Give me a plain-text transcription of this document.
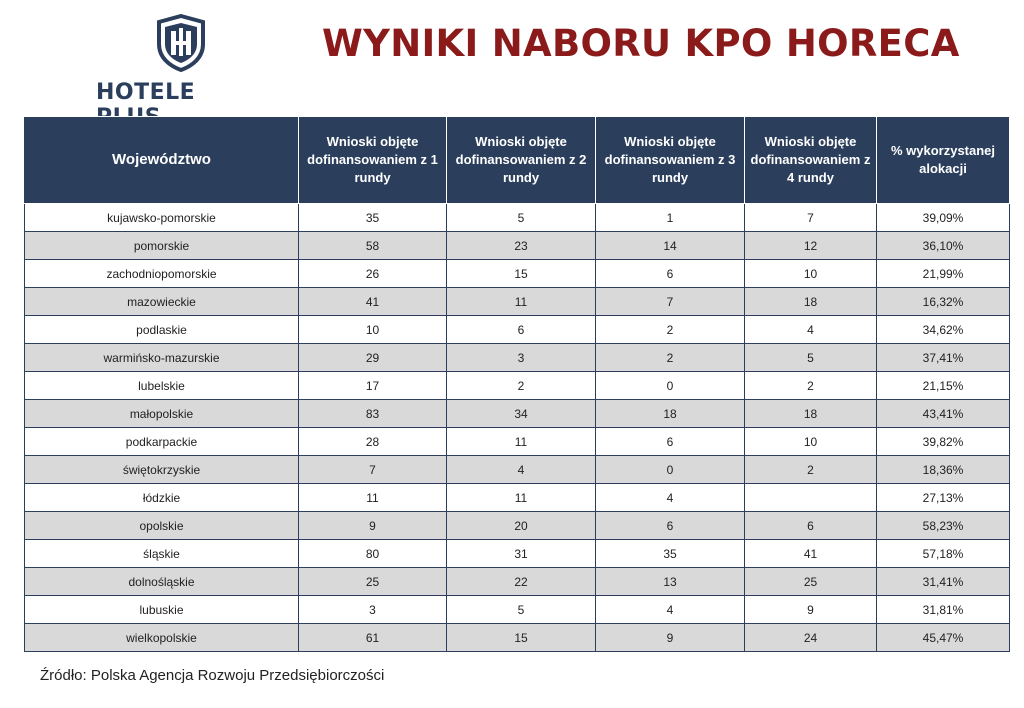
HOTELE
WYNIKI NABORU KPO HORECA
Województwo	Wnioski objęte dofinansowaniem z 1 rundy	Wnioski objęte dofinansowaniem z 2 rundy	Wnioski objęte dofinansowaniem z 3 rundy	Wnioski objęte dofinansowaniem z 4 rundy	% wykorzystanej alokacji
kujawsko-pomorskie	35	5	1	7	39,09%
pomorskie	58	23	14	12	36,10%
zachodniopomorskie	26	15	6	10	21,99%
mazowieckie	41	11	7	18	16,32%
podlaskie	10	6	2	4	34,62%
warmińsko-mazurskie	29	3	2	5	37,41%
lubelskie	17	2	0	2	21,15%
małopolskie	83	34	18	18	43,41%
podkarpackie	28	11	6	10	39,82%
świętokrzyskie	7	4	0	2	18,36%
łódzkie	11	11	4		27,13%
opolskie	9	20	6	6	58,23%
śląskie	80	31	35	41	57,18%
dolnośląskie	25	22	13	25	31,41%
lubuskie	3	5	4	9	31,81%
wielkopolskie	61	15	9	24	45,47%
Źródło: Polska Agencja Rozwoju Przedsiębiorczości
